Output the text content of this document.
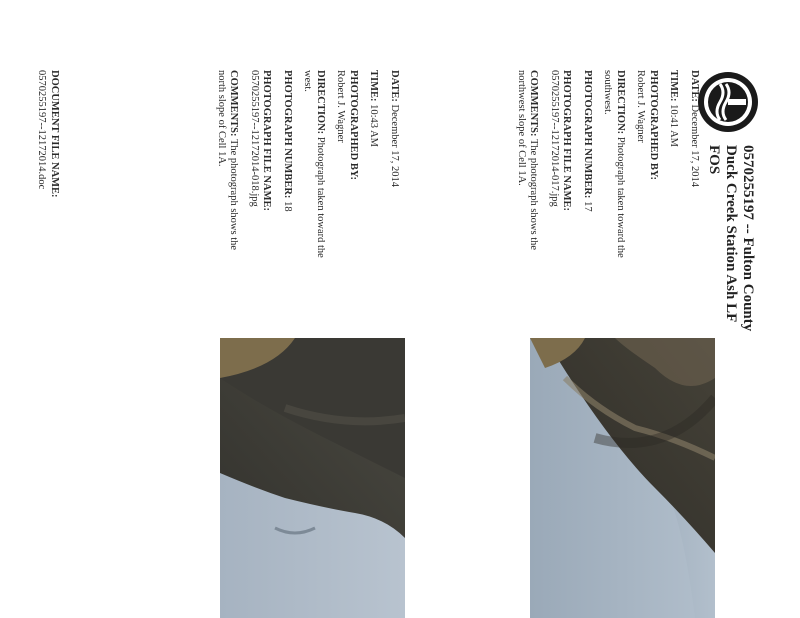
0570255197 -- Fulton County
Duck Creek Station Ash LF
FOS
DATE: December 17, 2014
TIME: 10:41 AM
PHOTOGRAPHED BY:
Robert J. Wagner
DIRECTION: Photograph taken toward the southwest.
PHOTOGRAPH NUMBER: 17
PHOTOGRAPH FILE NAME:
0570255197--12172014-017.jpg
COMMENTS: The photograph shows the northwest slope of Cell 1A.
DATE: December 17, 2014
TIME: 10:43 AM
PHOTOGRAPHED BY:
Robert J. Wagner
DIRECTION: Photograph taken toward the west.
PHOTOGRAPH NUMBER: 18
PHOTOGRAPH FILE NAME:
0570255197--12172014-018.jpg
COMMENTS: The photograph shows the north slope of Cell 1A.
DOCUMENT FILE NAME:
0570255197--12172014.doc
